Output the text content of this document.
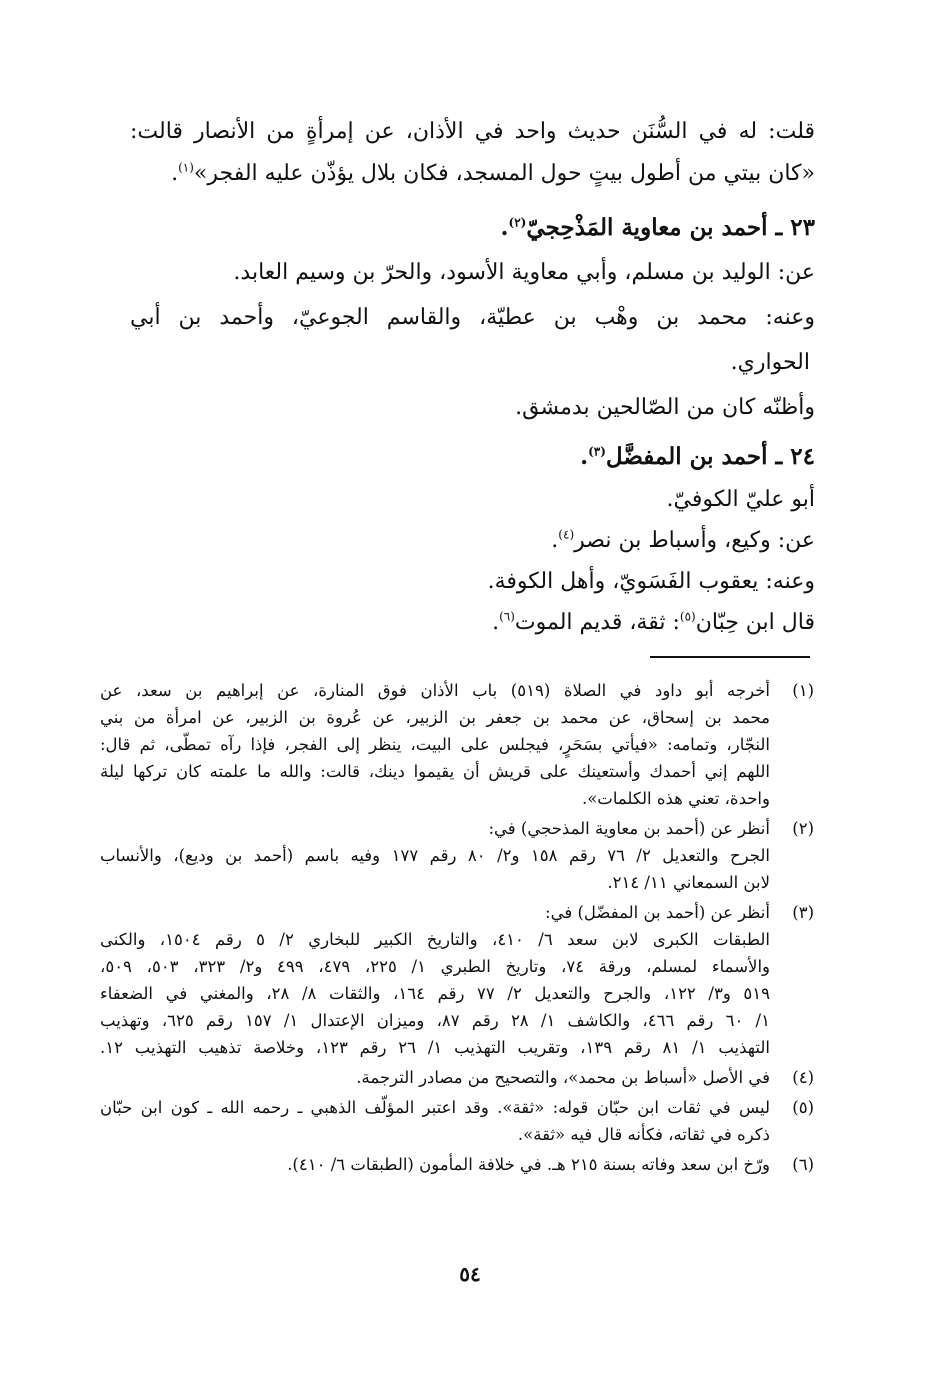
قلت: له في السُّنَن حديث واحد في الأذان، عن إمرأةٍ من الأنصار قالت:
«كان بيتي من أطول بيتٍ حول المسجد، فكان بلال يؤذّن عليه الفجر»$^{(١)}$.
٢٣ ـ أحمد بن معاوية المَذْحِجيّ$^{(٢)}$.
عن: الوليد بن مسلم، وأبي معاوية الأسود، والحرّ بن وسيم العابد.
وعنه: محمد بن وهْب بن عطيّة، والقاسم الجوعيّ، وأحمد بن أبي
الحواري.
وأظنّه كان من الصّالحين بدمشق.
٢٤ ـ أحمد بن المفضَّل$^{(٣)}$.
أبو عليّ الكوفيّ.
عن: وكيع، وأسباط بن نصر$^{(٤)}$.
وعنه: يعقوب الفَسَويّ، وأهل الكوفة.
قال ابن حِبّان$^{(٥)}$: ثقة، قديم الموت$^{(٦)}$.
أخرجه أبو داود في الصلاة (٥١٩) باب الأذان فوق المنارة، عن إبراهيم بن سعد، عن (١)
محمد بن إسحاق، عن محمد بن جعفر بن الزبير، عن عُروة بن الزبير، عن امرأة من بني
النجّار، وتمامه: «فيأتي بسَحَرٍ، فيجلس على البيت، ينظر إلى الفجر، فإذا رآه تمطّى، ثم قال:
اللهم إني أحمدك وأستعينك على قريش أن يقيموا دينك، قالت: والله ما علمته كان تركها ليلة
واحدة، تعني هذه الكلمات».
أنظر عن (أحمد بن معاوية المذحجي) في: (٢)
الجرح والتعديل ٢/ ٧٦ رقم ١٥٨ و٢/ ٨٠ رقم ١٧٧ وفيه باسم (أحمد بن وديع)، والأنساب
لابن السمعاني ١١/ ٢١٤.
أنظر عن (أحمد بن المفضّل) في: (٣)
الطبقات الكبرى لابن سعد ٦/ ٤١٠، والتاريخ الكبير للبخاري ٢/ ٥ رقم ١٥٠٤، والكنى
والأسماء لمسلم، ورقة ٧٤، وتاريخ الطبري ١/ ٢٢٥، ٤٧٩، ٤٩٩ و٢/ ٣٢٣، ٥٠٣، ٥٠٩،
٥١٩ و٣/ ١٢٢، والجرح والتعديل ٢/ ٧٧ رقم ١٦٤، والثقات ٨/ ٢٨، والمغني في الضعفاء
١/ ٦٠ رقم ٤٦٦، والكاشف ١/ ٢٨ رقم ٨٧، وميزان الإعتدال ١/ ١٥٧ رقم ٦٢٥، وتهذيب
التهذيب ١/ ٨١ رقم ١٣٩، وتقريب التهذيب ١/ ٢٦ رقم ١٢٣، وخلاصة تذهيب التهذيب ١٢.
في الأصل «أسباط بن محمد»، والتصحيح من مصادر الترجمة. (٤)
ليس في ثقات ابن حبّان قوله: «ثقة». وقد اعتبر المؤلّف الذهبي ـ رحمه الله ـ كون ابن حبّان (٥)
ذكره في ثقاته، فكأنه قال فيه «ثقة».
ورّخ ابن سعد وفاته بسنة ٢١٥ هـ. في خلافة المأمون (الطبقات ٦/ ٤١٠). (٦)
٥٤
